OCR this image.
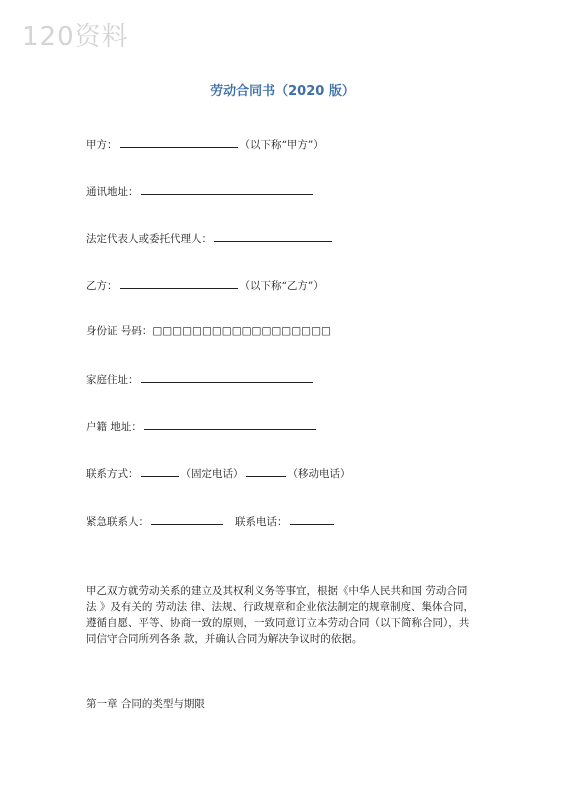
120资料
劳动合同书（2020 版）
甲方：	（以下称“甲方”）
通讯地址：
法定代表人或委托代理人：
乙方：	（以下称“乙方”）
身份证 号码：□□□□□□□□□□□□□□□□□□
家庭住址：
户籍 地址：
联系方式：	（固定电话）	（移动电话）
紧急联系人：	联系电话：
甲乙双方就劳动关系的建立及其权利义务等事宜，根据《中华人民共和国 劳动合同
法 》及有关的 劳动法 律、法规、行政规章和企业依法制定的规章制度、集体合同，
遵循自愿、平等、协商一致的原则，一致同意订立本劳动合同（以下简称合同），共
同信守合同所列各条 款，并确认合同为解决争议时的依据。
第一章 合同的类型与期限
